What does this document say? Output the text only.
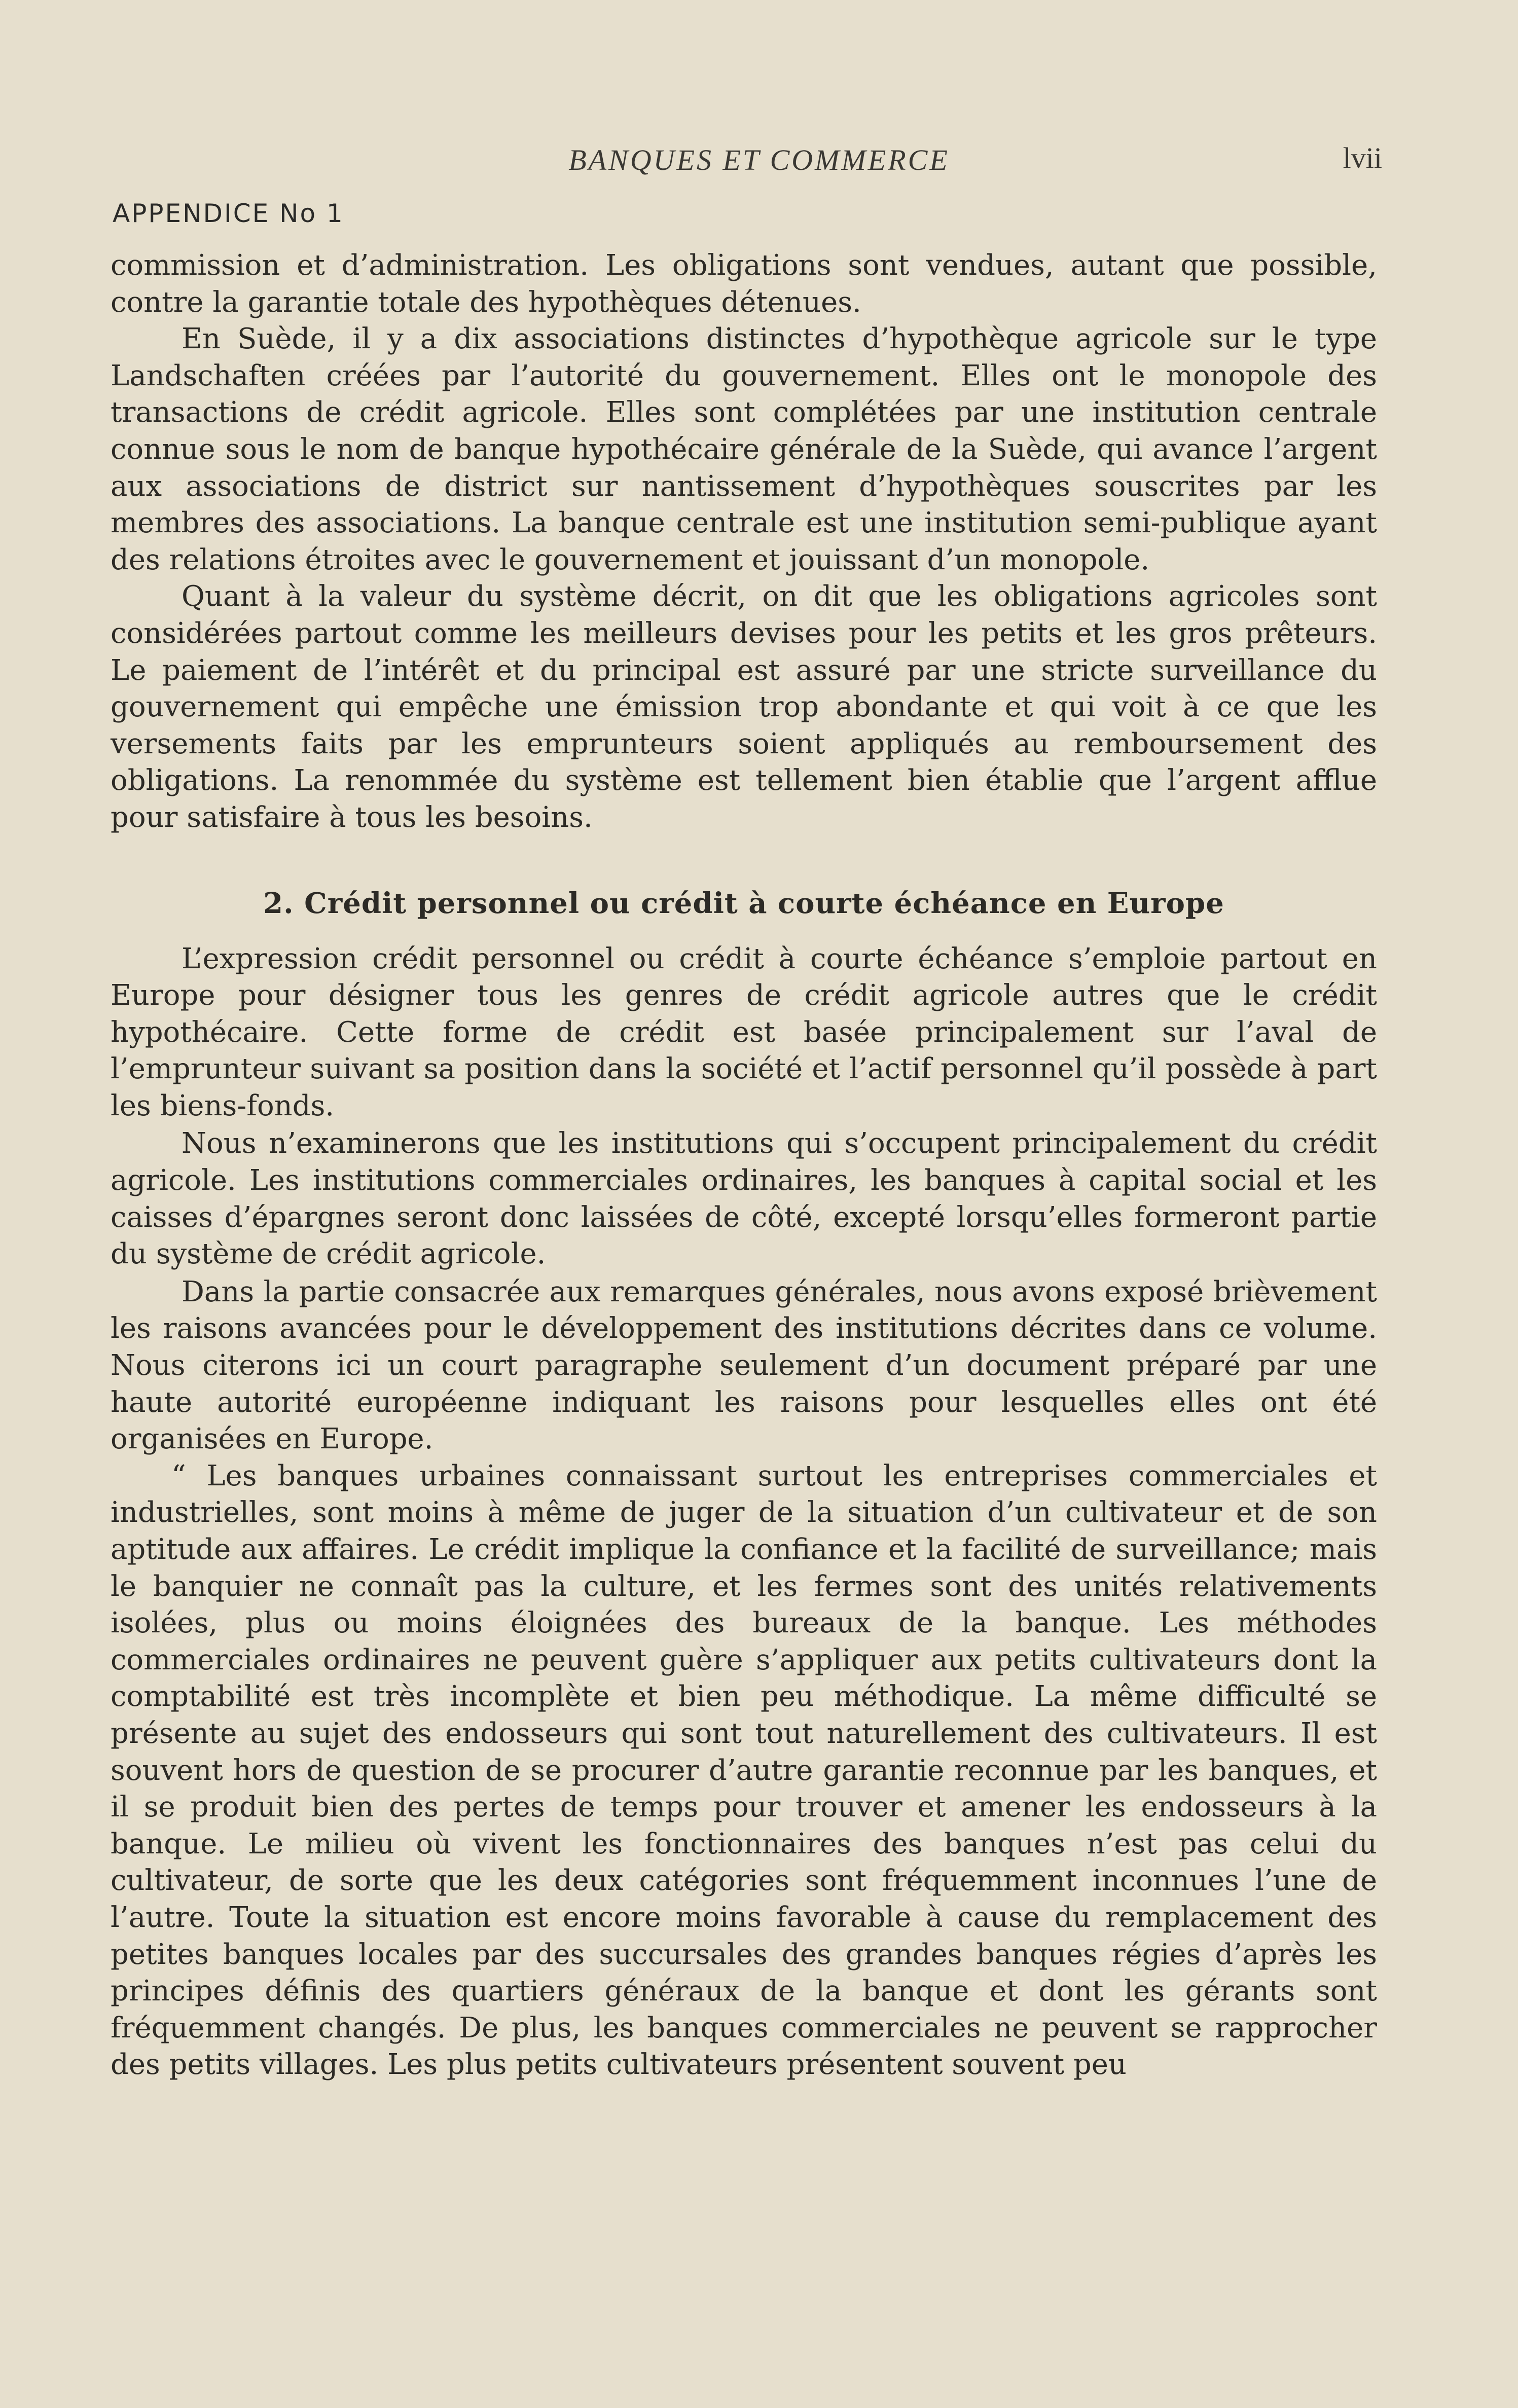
BANQUES ET COMMERCE	lvii
APPENDICE No 1

commission et d’administration. Les obligations sont vendues, autant que possible, contre la garantie totale des hypothèques détenues.

En Suède, il y a dix associations distinctes d’hypothèque agricole sur le type Landschaften créées par l’autorité du gouvernement. Elles ont le monopole des transactions de crédit agricole. Elles sont complétées par une institution centrale connue sous le nom de banque hypothécaire générale de la Suède, qui avance l’argent aux associations de district sur nantissement d’hypothèques souscrites par les membres des associations. La banque centrale est une institution semi-publique ayant des relations étroites avec le gouvernement et jouissant d’un monopole.

Quant à la valeur du système décrit, on dit que les obligations agricoles sont considérées partout comme les meilleurs devises pour les petits et les gros prêteurs. Le paiement de l’intérêt et du principal est assuré par une stricte surveillance du gouvernement qui empêche une émission trop abondante et qui voit à ce que les versements faits par les emprunteurs soient appliqués au remboursement des obligations. La renommée du système est tellement bien établie que l’argent afflue pour satisfaire à tous les besoins.

2. Crédit personnel ou crédit à courte échéance en Europe

L’expression crédit personnel ou crédit à courte échéance s’emploie partout en Europe pour désigner tous les genres de crédit agricole autres que le crédit hypothécaire. Cette forme de crédit est basée principalement sur l’aval de l’emprunteur suivant sa position dans la société et l’actif personnel qu’il possède à part les biens-fonds.

Nous n’examinerons que les institutions qui s’occupent principalement du crédit agricole. Les institutions commerciales ordinaires, les banques à capital social et les caisses d’épargnes seront donc laissées de côté, excepté lorsqu’elles formeront partie du système de crédit agricole.

Dans la partie consacrée aux remarques générales, nous avons exposé brièvement les raisons avancées pour le développement des institutions décrites dans ce volume. Nous citerons ici un court paragraphe seulement d’un document préparé par une haute autorité européenne indiquant les raisons pour lesquelles elles ont été organisées en Europe.

“ Les banques urbaines connaissant surtout les entreprises commerciales et industrielles, sont moins à même de juger de la situation d’un cultivateur et de son aptitude aux affaires. Le crédit implique la confiance et la facilité de surveillance; mais le banquier ne connaît pas la culture, et les fermes sont des unités relativements isolées, plus ou moins éloignées des bureaux de la banque. Les méthodes commerciales ordinaires ne peuvent guère s’appliquer aux petits cultivateurs dont la comptabilité est très incomplète et bien peu méthodique. La même difficulté se présente au sujet des endosseurs qui sont tout naturellement des cultivateurs. Il est souvent hors de question de se procurer d’autre garantie reconnue par les banques, et il se produit bien des pertes de temps pour trouver et amener les endosseurs à la banque. Le milieu où vivent les fonctionnaires des banques n’est pas celui du cultivateur, de sorte que les deux catégories sont fréquemment inconnues l’une de l’autre. Toute la situation est encore moins favorable à cause du remplacement des petites banques locales par des succursales des grandes banques régies d’après les principes définis des quartiers généraux de la banque et dont les gérants sont fréquemment changés. De plus, les banques commerciales ne peuvent se rapprocher des petits villages. Les plus petits cultivateurs présentent souvent peu
